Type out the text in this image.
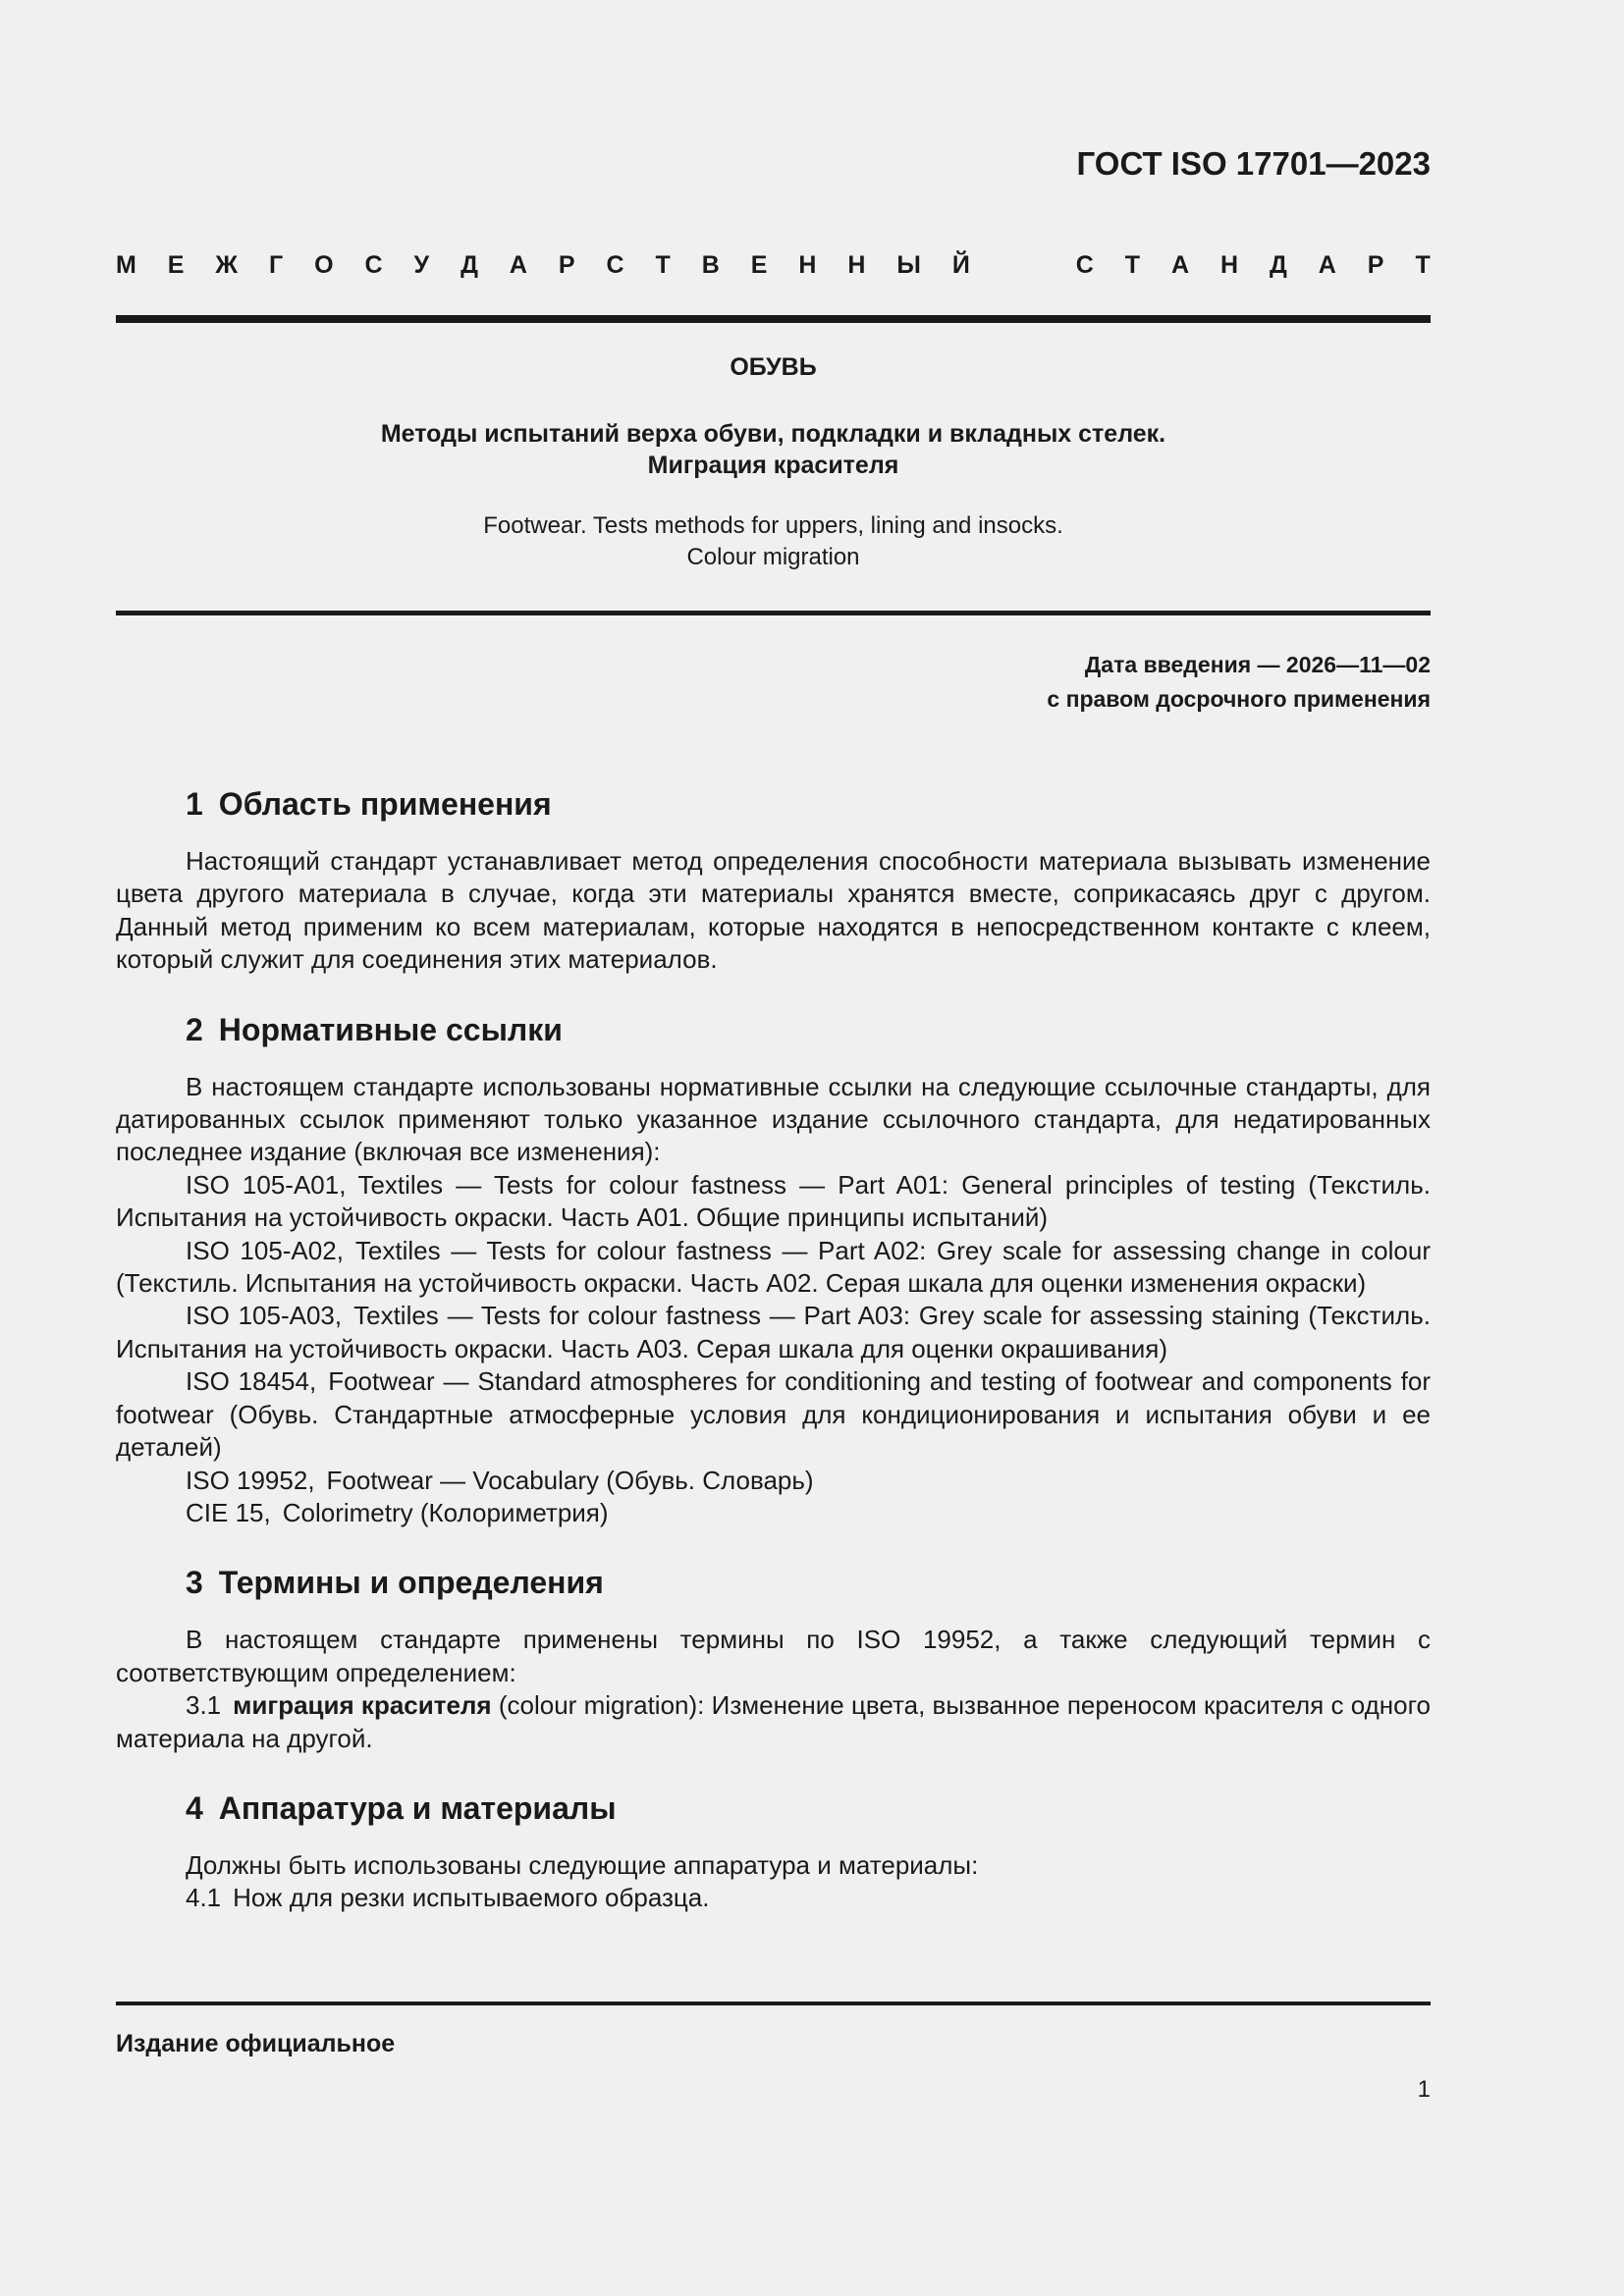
ГОСТ ISO 17701—2023
М Е Ж Г О С У Д А Р С Т В Е Н Н Ы Й	С Т А Н Д А Р Т
ОБУВЬ
Методы испытаний верха обуви, подкладки и вкладных стелек.
Миграция красителя
Footwear. Tests methods for uppers, lining and insocks.
Colour migration
Дата введения — 2026—11—02
с правом досрочного применения
1 Область применения

Настоящий стандарт устанавливает метод определения способности материала вызывать изменение цвета другого материала в случае, когда эти материалы хранятся вместе, соприкасаясь друг с другом. Данный метод применим ко всем материалам, которые находятся в непосредственном контакте с клеем, который служит для соединения этих материалов.

2 Нормативные ссылки

В настоящем стандарте использованы нормативные ссылки на следующие ссылочные стандарты, для датированных ссылок применяют только указанное издание ссылочного стандарта, для недатированных последнее издание (включая все изменения):

ISO 105-A01, Textiles — Tests for colour fastness — Part A01: General principles of testing (Текстиль. Испытания на устойчивость окраски. Часть А01. Общие принципы испытаний)

ISO 105-A02, Textiles — Tests for colour fastness — Part A02: Grey scale for assessing change in colour (Текстиль. Испытания на устойчивость окраски. Часть А02. Серая шкала для оценки изменения окраски)

ISO 105-A03, Textiles — Tests for colour fastness — Part A03: Grey scale for assessing staining (Текстиль. Испытания на устойчивость окраски. Часть А03. Серая шкала для оценки окрашивания)

ISO 18454, Footwear — Standard atmospheres for conditioning and testing of footwear and components for footwear (Обувь. Стандартные атмосферные условия для кондиционирования и испытания обуви и ее деталей)

ISO 19952, Footwear — Vocabulary (Обувь. Словарь)

CIE 15, Colorimetry (Колориметрия)

3 Термины и определения

В настоящем стандарте применены термины по ISO 19952, а также следующий термин с соответствующим определением:

3.1 миграция красителя (colour migration): Изменение цвета, вызванное переносом красителя с одного материала на другой.

4 Аппаратура и материалы

Должны быть использованы следующие аппаратура и материалы:

4.1 Нож для резки испытываемого образца.

Издание официальное
1
